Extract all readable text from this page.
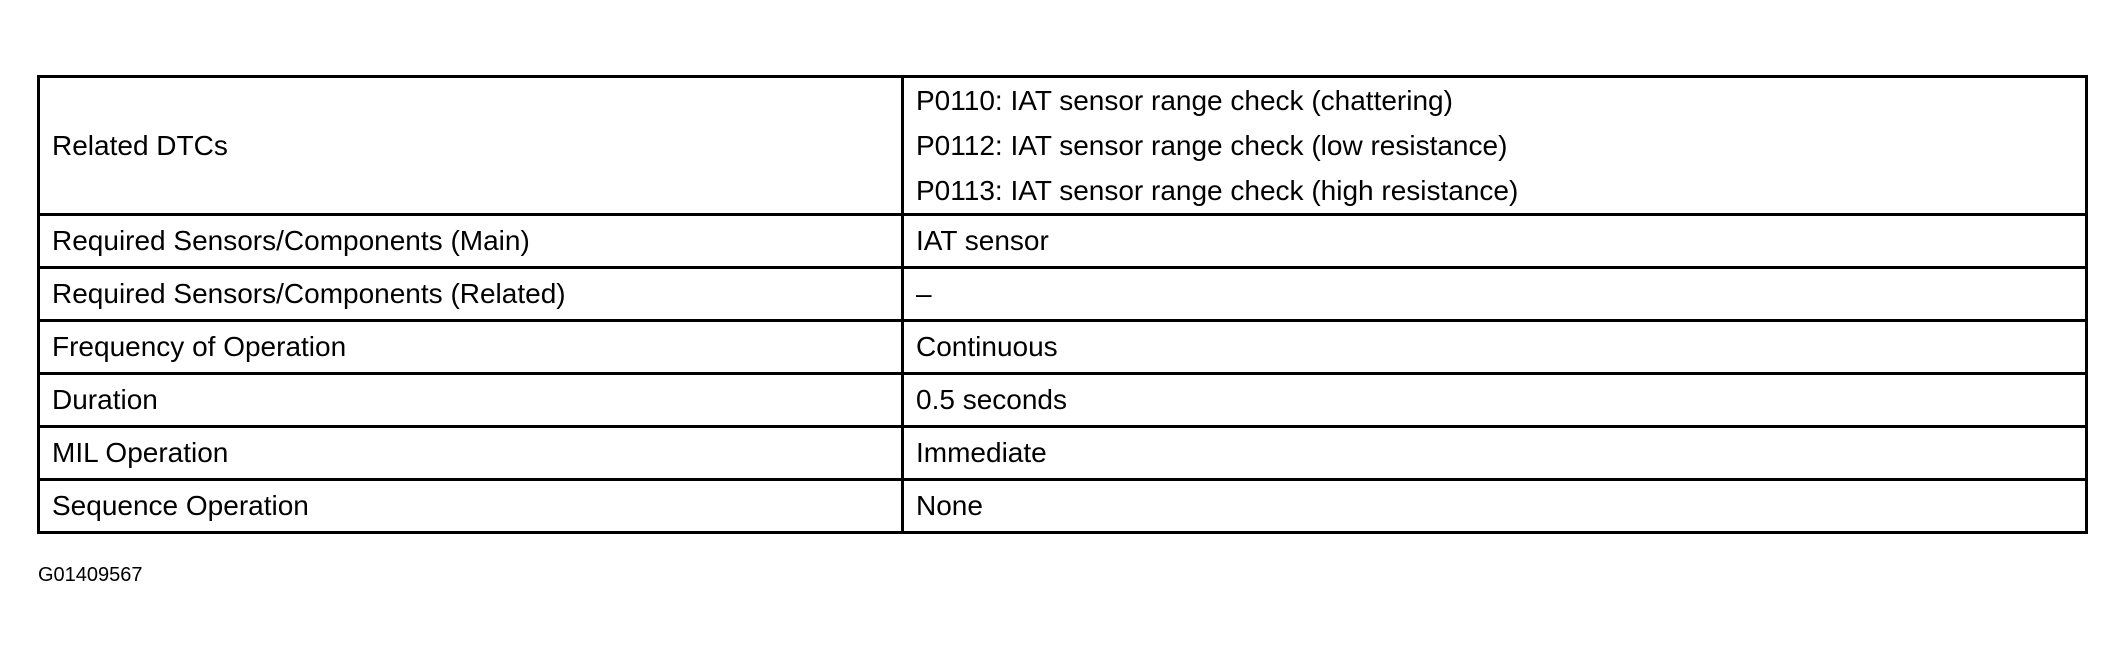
Related DTCs	P0110: IAT sensor range check (chattering)
P0112: IAT sensor range check (low resistance)
P0113: IAT sensor range check (high resistance)

Required Sensors/Components (Main)	IAT sensor
Required Sensors/Components (Related)	–
Frequency of Operation	Continuous
Duration	0.5 seconds
MIL Operation	Immediate
Sequence Operation	None
G01409567
